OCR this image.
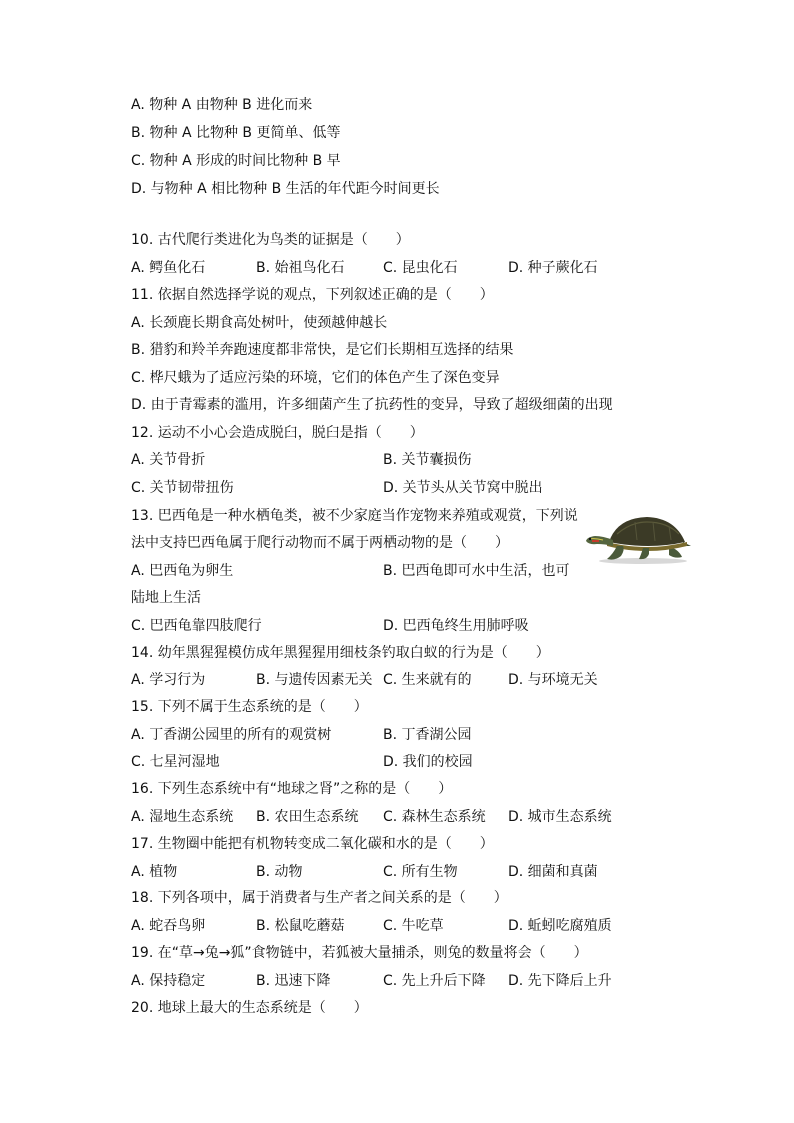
A. 物种 A 由物种 B 进化而来
B. 物种 A 比物种 B 更简单、低等
C. 物种 A 形成的时间比物种 B 早
D. 与物种 A 相比物种 B 生活的年代距今时间更长
10. 古代爬行类进化为鸟类的证据是（　　）
A. 鳄鱼化石	B. 始祖鸟化石	C. 昆虫化石	D. 种子蕨化石
11. 依据自然选择学说的观点，下列叙述正确的是（　　）
A. 长颈鹿长期食高处树叶，使颈越伸越长
B. 猎豹和羚羊奔跑速度都非常快，是它们长期相互选择的结果
C. 桦尺蛾为了适应污染的环境，它们的体色产生了深色变异
D. 由于青霉素的滥用，许多细菌产生了抗药性的变异，导致了超级细菌的出现
12. 运动不小心会造成脱臼，脱臼是指（　　）
A. 关节骨折	B. 关节囊损伤
C. 关节韧带扭伤	D. 关节头从关节窝中脱出
13. 巴西龟是一种水栖龟类，被不少家庭当作宠物来养殖或观赏，下列说
法中支持巴西龟属于爬行动物而不属于两栖动物的是（　　）
A. 巴西龟为卵生	B. 巴西龟即可水中生活，也可
陆地上生活
C. 巴西龟靠四肢爬行	D. 巴西龟终生用肺呼吸
14. 幼年黑猩猩模仿成年黑猩猩用细枝条钓取白蚁的行为是（　　）
A. 学习行为	B. 与遗传因素无关 C. 生来就有的	D. 与环境无关
15. 下列不属于生态系统的是（　　）
A. 丁香湖公园里的所有的观赏树	B. 丁香湖公园
C. 七星河湿地	D. 我们的校园
16. 下列生态系统中有“地球之肾”之称的是（　　）
A. 湿地生态系统 B. 农田生态系统 C. 森林生态系统 D. 城市生态系统
17. 生物圈中能把有机物转变成二氧化碳和水的是（　　）
A. 植物	B. 动物	C. 所有生物	D. 细菌和真菌
18. 下列各项中，属于消费者与生产者之间关系的是（　　）
A. 蛇吞鸟卵	B. 松鼠吃蘑菇	C. 牛吃草	D. 蚯蚓吃腐殖质
19. 在“草→兔→狐”食物链中，若狐被大量捕杀，则兔的数量将会（　　）
A. 保持稳定	B. 迅速下降	C. 先上升后下降 D. 先下降后上升
20. 地球上最大的生态系统是（　　）
